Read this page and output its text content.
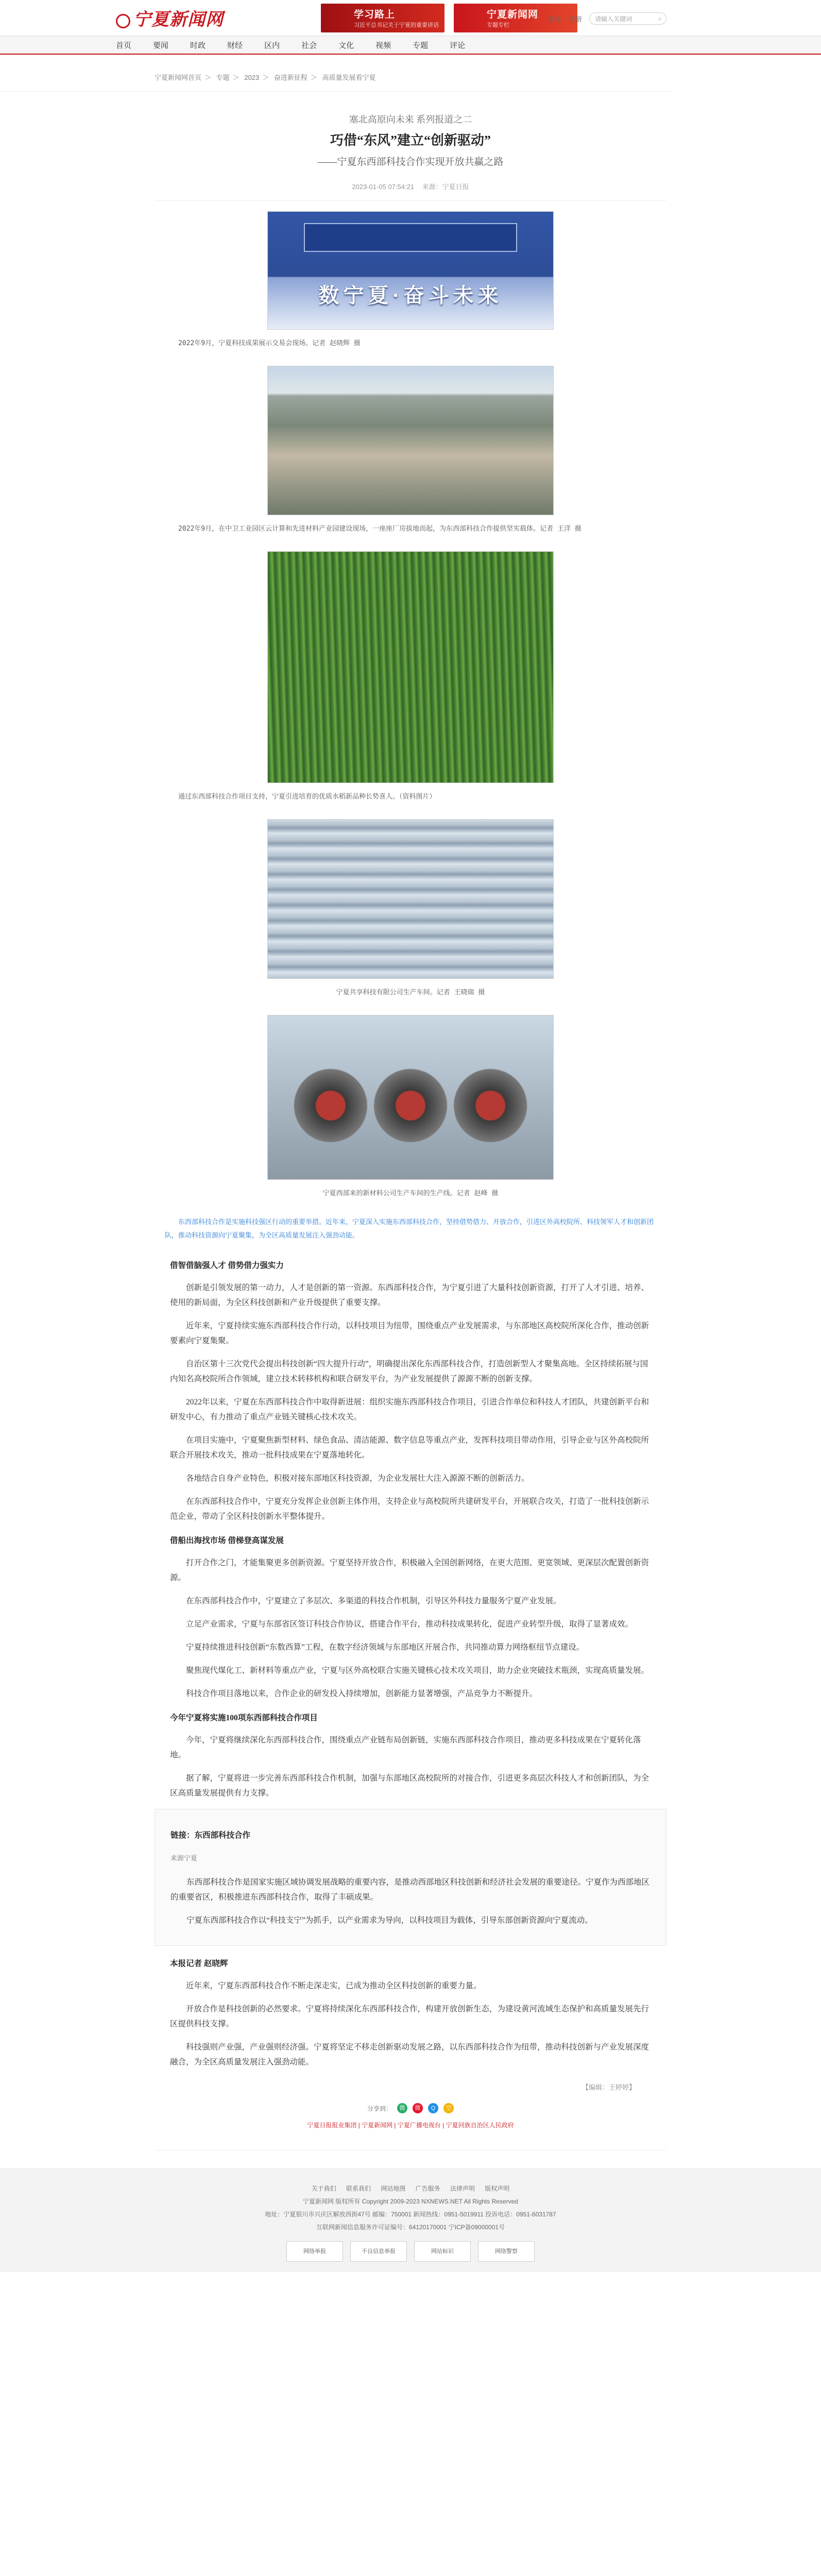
宁夏新闻网	学习路上
习近平总书记关于宁夏的重要讲话
宁夏新闻网
专题专栏
登录 注册 请输入关键词	⌕
首页	要闻	时政	财经	区内	社会	文化	视频	专题	评论
宁夏新闻网首页 ＞ 专题 ＞ 2023 ＞ 奋进新征程 ＞ 高质量发展看宁夏
塞北高原向未来 系列报道之二
巧借“东风”建立“创新驱动”
——宁夏东西部科技合作实现开放共赢之路
2023-01-05 07:54:21 来源：宁夏日报
数宁夏·奋斗未来
2022年9月，宁夏科技成果展示交易会现场。记者 赵晓辉 摄
2022年9月，在中卫工业园区云计算和先进材料产业园建设现场，一座座厂房拔地而起，为东西部科技合作提供坚实载体。记者 王洋 摄
通过东西部科技合作项目支持，宁夏引进培育的优质水稻新品种长势喜人。（资料图片）
宁夏共享科技有限公司生产车间。记者 王晓瑞 摄
宁夏西部来的新材料公司生产车间的生产线。记者 赵峰 摄
东西部科技合作是实施科技强区行动的重要举措。近年来，宁夏深入实施东西部科技合作，坚持借势借力、开放合作，引进区外高校院所、科技领军人才和创新团队，推动科技资源向宁夏聚集，为全区高质量发展注入强劲动能。
借智借脑强人才 借势借力强实力

创新是引领发展的第一动力，人才是创新的第一资源。东西部科技合作，为宁夏引进了大量科技创新资源，打开了人才引进、培养、使用的新局面，为全区科技创新和产业升级提供了重要支撑。

近年来，宁夏持续实施东西部科技合作行动，以科技项目为纽带，围绕重点产业发展需求，与东部地区高校院所深化合作，推动创新要素向宁夏集聚。

自治区第十三次党代会提出科技创新“四大提升行动”，明确提出深化东西部科技合作，打造创新型人才聚集高地。全区持续拓展与国内知名高校院所合作领域，建立技术转移机构和联合研发平台，为产业发展提供了源源不断的创新支撑。

2022年以来，宁夏在东西部科技合作中取得新进展：组织实施东西部科技合作项目，引进合作单位和科技人才团队，共建创新平台和研发中心，有力推动了重点产业链关键核心技术攻关。

在项目实施中，宁夏聚焦新型材料、绿色食品、清洁能源、数字信息等重点产业，发挥科技项目带动作用，引导企业与区外高校院所联合开展技术攻关，推动一批科技成果在宁夏落地转化。

各地结合自身产业特色，积极对接东部地区科技资源，为企业发展壮大注入源源不断的创新活力。

在东西部科技合作中，宁夏充分发挥企业创新主体作用，支持企业与高校院所共建研发平台，开展联合攻关，打造了一批科技创新示范企业，带动了全区科技创新水平整体提升。

借船出海找市场 借梯登高谋发展

打开合作之门，才能集聚更多创新资源。宁夏坚持开放合作，积极融入全国创新网络，在更大范围、更宽领域、更深层次配置创新资源。

在东西部科技合作中，宁夏建立了多层次、多渠道的科技合作机制，引导区外科技力量服务宁夏产业发展。

立足产业需求，宁夏与东部省区签订科技合作协议，搭建合作平台，推动科技成果转化，促进产业转型升级，取得了显著成效。

宁夏持续推进科技创新“东数西算”工程，在数字经济领域与东部地区开展合作，共同推动算力网络枢纽节点建设。

聚焦现代煤化工、新材料等重点产业，宁夏与区外高校联合实施关键核心技术攻关项目，助力企业突破技术瓶颈，实现高质量发展。

科技合作项目落地以来，合作企业的研发投入持续增加，创新能力显著增强，产品竞争力不断提升。

今年宁夏将实施100项东西部科技合作项目

今年，宁夏将继续深化东西部科技合作，围绕重点产业链布局创新链，实施东西部科技合作项目，推动更多科技成果在宁夏转化落地。

据了解，宁夏将进一步完善东西部科技合作机制，加强与东部地区高校院所的对接合作，引进更多高层次科技人才和创新团队，为全区高质量发展提供有力支撑。

链接：东西部科技合作
来源宁夏

东西部科技合作是国家实施区域协调发展战略的重要内容，是推动西部地区科技创新和经济社会发展的重要途径。宁夏作为西部地区的重要省区，积极推进东西部科技合作，取得了丰硕成果。

宁夏东西部科技合作以“科技支宁”为抓手，以产业需求为导向，以科技项目为载体，引导东部创新资源向宁夏流动。

本报记者 赵晓辉

近年来，宁夏东西部科技合作不断走深走实，已成为推动全区科技创新的重要力量。

开放合作是科技创新的必然要求。宁夏将持续深化东西部科技合作，构建开放创新生态，为建设黄河流域生态保护和高质量发展先行区提供科技支撑。

科技强则产业强，产业强则经济强。宁夏将坚定不移走创新驱动发展之路，以东西部科技合作为纽带，推动科技创新与产业发展深度融合，为全区高质量发展注入强劲动能。

【编辑：王婷婷】
分享到：	微	微	Q	空
宁夏日报报业集团 | 宁夏新闻网 | 宁夏广播电视台 | 宁夏回族自治区人民政府
关于我们 联系我们 网站地图 广告服务 法律声明 版权声明
宁夏新闻网 版权所有 Copyright 2009-2023 NXNEWS.NET All Rights Reserved
地址：宁夏银川市兴庆区解放西街47号 邮编：750001 新闻热线：0951-5019911 投诉电话：0951-6031787
互联网新闻信息服务许可证编号：64120170001 宁ICP备09000001号
网络举报	不良信息举报	网站标识	网络警察
